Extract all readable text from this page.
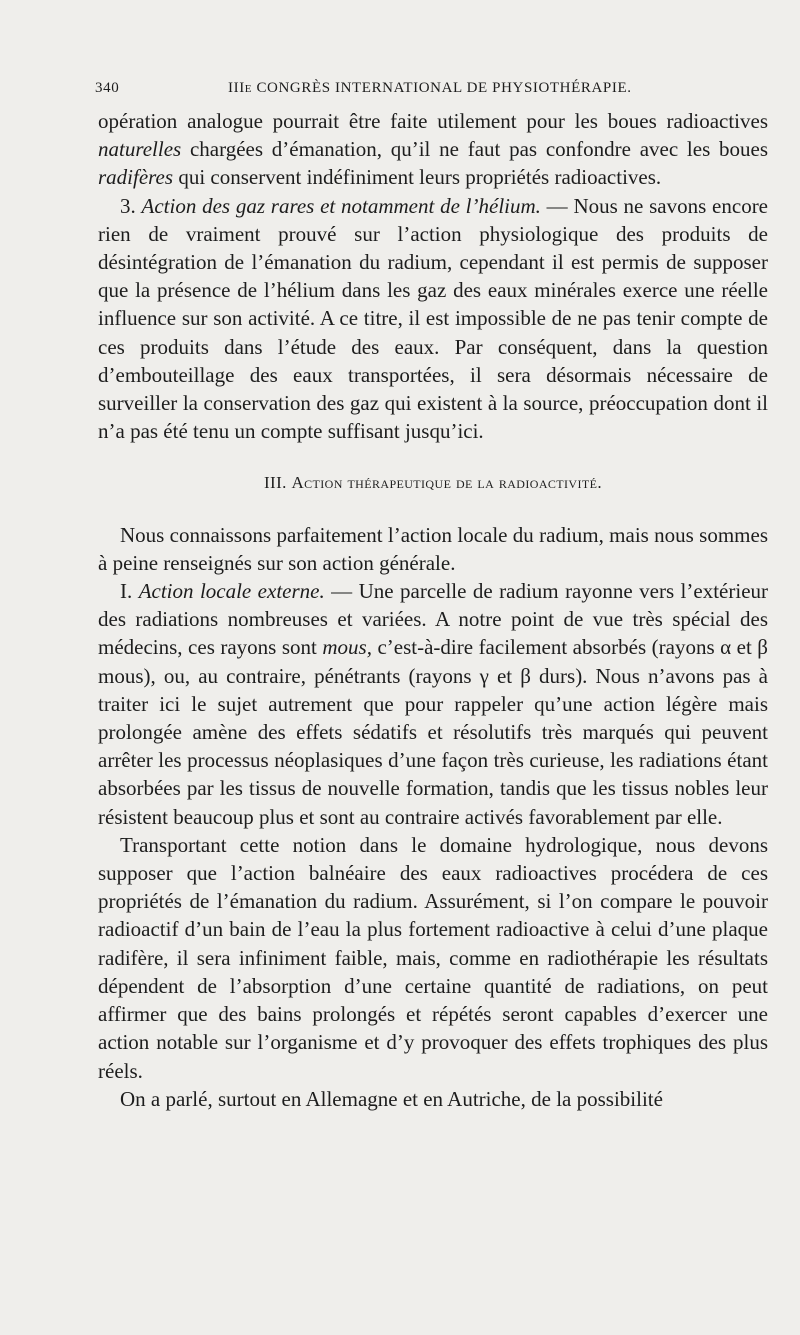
340	IIIe CONGRÈS INTERNATIONAL DE PHYSIOTHÉRAPIE.

opération analogue pourrait être faite utilement pour les boues radioactives naturelles chargées d’émanation, qu’il ne faut pas confondre avec les boues radifères qui conservent indéfiniment leurs propriétés radioactives.

3. Action des gaz rares et notamment de l’hélium. — Nous ne savons encore rien de vraiment prouvé sur l’action physiologique des produits de désintégration de l’émanation du radium, cependant il est permis de supposer que la présence de l’hélium dans les gaz des eaux minérales exerce une réelle influence sur son activité. A ce titre, il est impossible de ne pas tenir compte de ces produits dans l’étude des eaux. Par conséquent, dans la question d’embouteillage des eaux transportées, il sera désormais nécessaire de surveiller la conservation des gaz qui existent à la source, préoccupation dont il n’a pas été tenu un compte suffisant jusqu’ici.

III. Action thérapeutique de la radioactivité.

Nous connaissons parfaitement l’action locale du radium, mais nous sommes à peine renseignés sur son action générale.

I. Action locale externe. — Une parcelle de radium rayonne vers l’extérieur des radiations nombreuses et variées. A notre point de vue très spécial des médecins, ces rayons sont mous, c’est-à-dire facilement absorbés (rayons α et β mous), ou, au contraire, pénétrants (rayons γ et β durs). Nous n’avons pas à traiter ici le sujet autrement que pour rappeler qu’une action légère mais prolongée amène des effets sédatifs et résolutifs très marqués qui peuvent arrêter les processus néoplasiques d’une façon très curieuse, les radiations étant absorbées par les tissus de nouvelle formation, tandis que les tissus nobles leur résistent beaucoup plus et sont au contraire activés favorablement par elle.

Transportant cette notion dans le domaine hydrologique, nous devons supposer que l’action balnéaire des eaux radioactives procédera de ces propriétés de l’émanation du radium. Assurément, si l’on compare le pouvoir radioactif d’un bain de l’eau la plus fortement radioactive à celui d’une plaque radifère, il sera infiniment faible, mais, comme en radiothérapie les résultats dépendent de l’absorption d’une certaine quantité de radiations, on peut affirmer que des bains prolongés et répétés seront capables d’exercer une action notable sur l’organisme et d’y provoquer des effets trophiques des plus réels.

On a parlé, surtout en Allemagne et en Autriche, de la possibilité
